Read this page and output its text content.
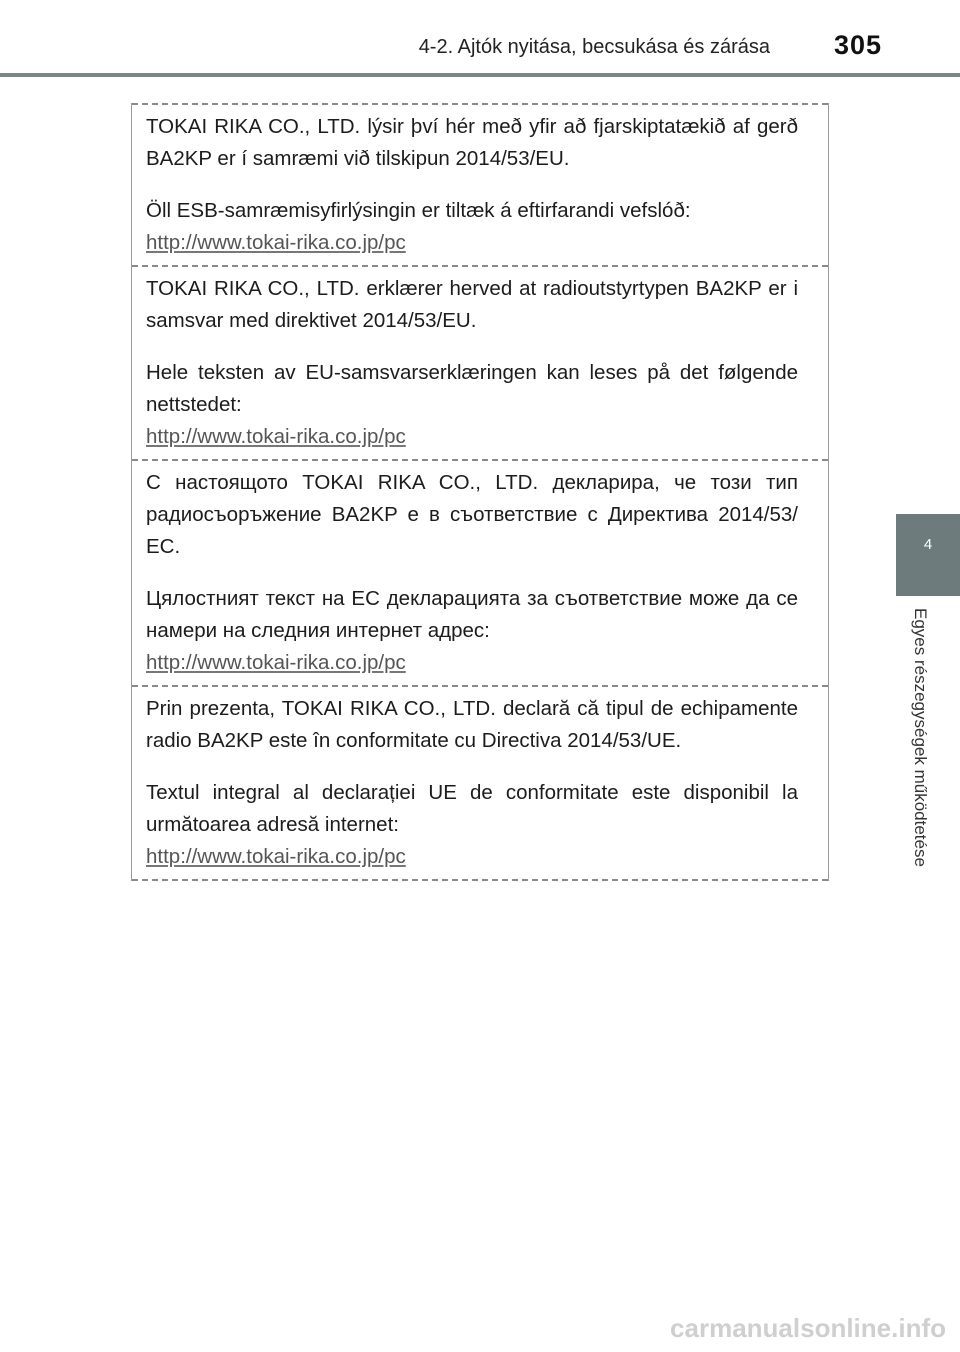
4-2. Ajtók nyitása, becsukása és zárása 305
4
Egyes részegységek működtetése

TOKAI RIKA CO., LTD. lýsir því hér með yfir að fjarskiptatækið af gerð BA2KP er í samræmi við tilskipun 2014/53/EU.

Öll ESB-samræmisyfirlýsingin er tiltæk á eftirfarandi vefslóð:

http://www.tokai-rika.co.jp/pc

TOKAI RIKA CO., LTD. erklærer herved at radioutstyrtypen BA2KP er i samsvar med direktivet 2014/53/EU.

Hele teksten av EU-samsvarserklæringen kan leses på det følgende nettstedet:

http://www.tokai-rika.co.jp/pc

С настоящото TOKAI RIKA CO., LTD. декларира, че този тип радиосъоръжение BA2KP е в съответствие с Директива 2014/53/ЕС.

Цялостният текст на ЕС декларацията за съответствие може да се намери на следния интернет адрес:

http://www.tokai-rika.co.jp/pc

Prin prezenta, TOKAI RIKA CO., LTD. declară că tipul de echipamente radio BA2KP este în conformitate cu Directiva 2014/53/UE.

Textul integral al declarației UE de conformitate este disponibil la următoarea adresă internet:

http://www.tokai-rika.co.jp/pc
carmanualsonline.info
